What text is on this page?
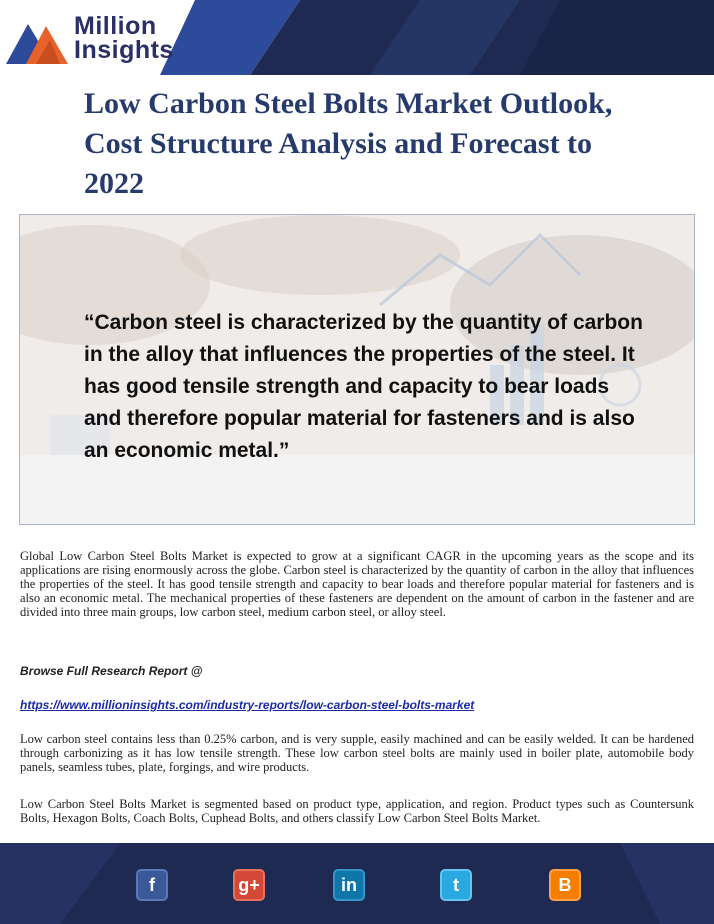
Million
Insights
Low Carbon Steel Bolts Market Outlook, Cost Structure Analysis and Forecast to 2022
“Carbon steel is characterized by the quantity of carbon in the alloy that influences the properties of the steel. It has good tensile strength and capacity to bear loads and therefore popular material for fasteners and is also an economic metal.”

Global Low Carbon Steel Bolts Market is expected to grow at a significant CAGR in the upcoming years as the scope and its applications are rising enormously across the globe. Carbon steel is characterized by the quantity of carbon in the alloy that influences the properties of the steel. It has good tensile strength and capacity to bear loads and therefore popular material for fasteners and is also an economic metal. The mechanical properties of these fasteners are dependent on the amount of carbon in the fastener and are divided into three main groups, low carbon steel, medium carbon steel, or alloy steel.

Browse Full Research Report @
https://www.millioninsights.com/industry-reports/low-carbon-steel-bolts-market

Low carbon steel contains less than 0.25% carbon, and is very supple, easily machined and can be easily welded. It can be hardened through carbonizing as it has low tensile strength. These low carbon steel bolts are mainly used in boiler plate, automobile body panels, seamless tubes, plate, forgings, and wire products.

Low Carbon Steel Bolts Market is segmented based on product type, application, and region. Product types such as Countersunk Bolts, Hexagon Bolts, Coach Bolts, Cuphead Bolts, and others classify Low Carbon Steel Bolts Market.

f	g+	in	t	B
